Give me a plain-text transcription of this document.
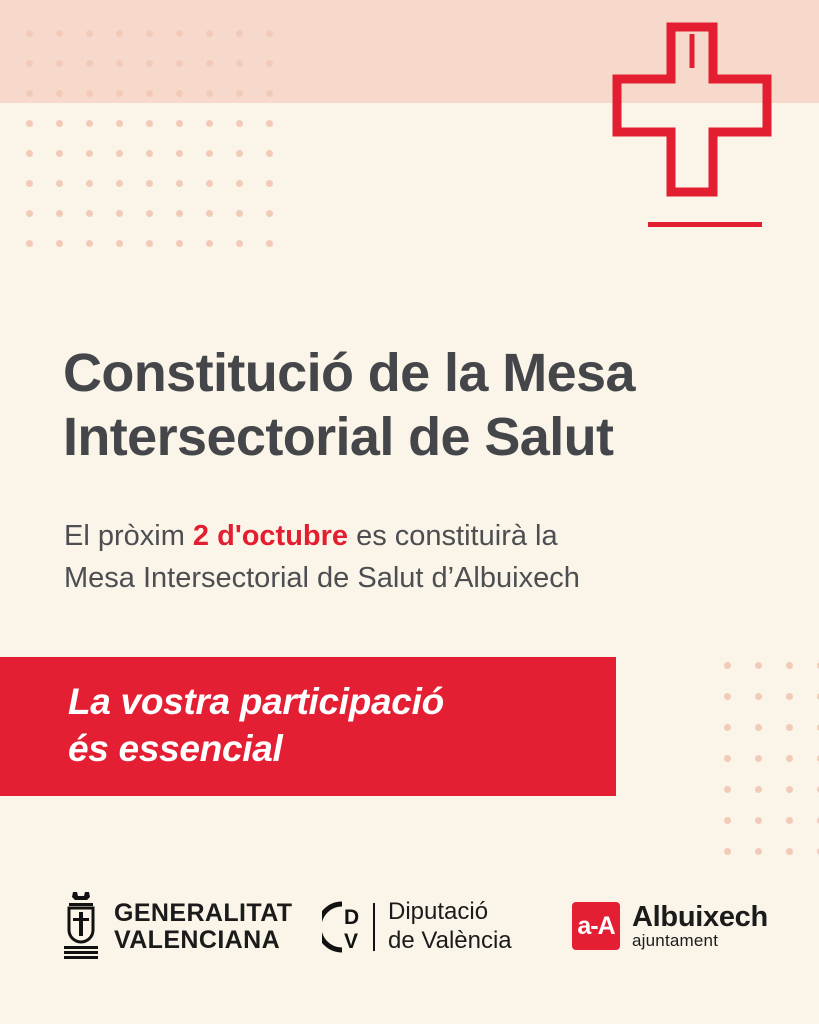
Constitució de la Mesa
Intersectorial de Salut

El pròxim 2 d'octubre es constituirà la
Mesa Intersectorial de Salut d’Albuixech

La vostra participació
és essencial
GENERALITAT
VALENCIANA
D
V
Diputació
de València
a-A Albuixech
ajuntament
